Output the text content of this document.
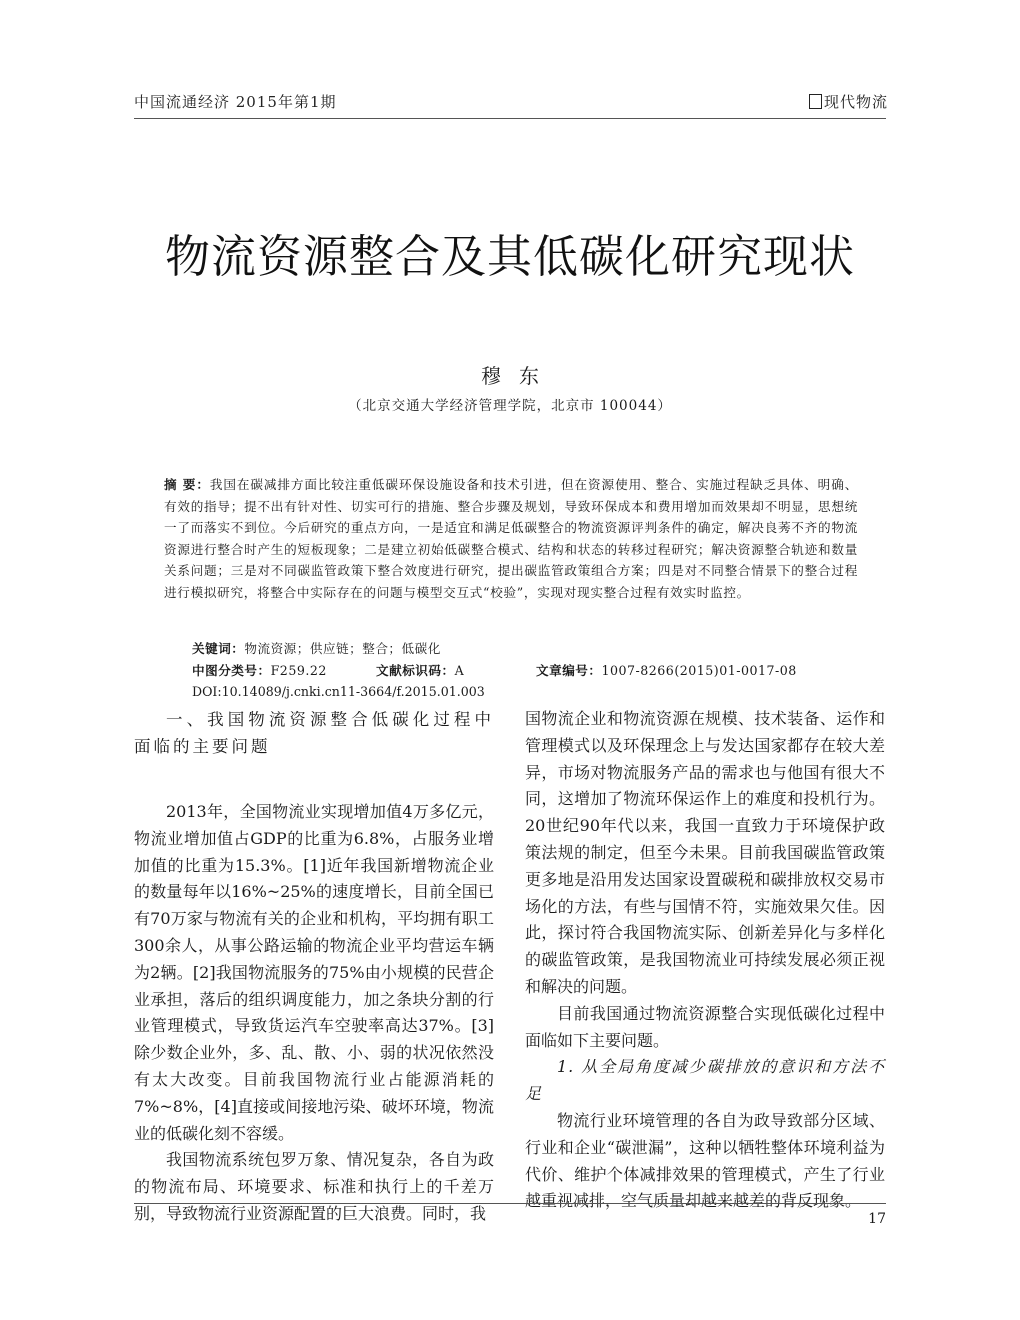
中国流通经济 2015年第1期	现代物流
物流资源整合及其低碳化研究现状
穆东
（北京交通大学经济管理学院，北京市 100044）
摘 要：我国在碳减排方面比较注重低碳环保设施设备和技术引进，但在资源使用、整合、实施过程缺乏具体、明确、有效的指导；提不出有针对性、切实可行的措施、整合步骤及规划，导致环保成本和费用增加而效果却不明显，思想统一了而落实不到位。今后研究的重点方向，一是适宜和满足低碳整合的物流资源评判条件的确定，解决良莠不齐的物流资源进行整合时产生的短板现象；二是建立初始低碳整合模式、结构和状态的转移过程研究；解决资源整合轨迹和数量关系问题；三是对不同碳监管政策下整合效度进行研究，提出碳监管政策组合方案；四是对不同整合情景下的整合过程进行模拟研究，将整合中实际存在的问题与模型交互式“校验”，实现对现实整合过程有效实时监控。
关键词：物流资源；供应链；整合；低碳化
中图分类号：F259.22	文献标识码：A	文章编号：1007-8266(2015)01-0017-08
DOI:10.14089/j.cnki.cn11-3664/f.2015.01.003
一、我国物流资源整合低碳化过程中面临的主要问题

2013年，全国物流业实现增加值4万多亿元，物流业增加值占GDP的比重为6.8%，占服务业增加值的比重为15.3%。[1]近年我国新增物流企业的数量每年以16%~25%的速度增长，目前全国已有70万家与物流有关的企业和机构，平均拥有职工300余人，从事公路运输的物流企业平均营运车辆为2辆。[2]我国物流服务的75%由小规模的民营企业承担，落后的组织调度能力，加之条块分割的行业管理模式，导致货运汽车空驶率高达37%。[3]除少数企业外，多、乱、散、小、弱的状况依然没有太大改变。目前我国物流行业占能源消耗的7%~8%，[4]直接或间接地污染、破坏环境，物流业的低碳化刻不容缓。

我国物流系统包罗万象、情况复杂，各自为政的物流布局、环境要求、标准和执行上的千差万别，导致物流行业资源配置的巨大浪费。同时，我

国物流企业和物流资源在规模、技术装备、运作和管理模式以及环保理念上与发达国家都存在较大差异，市场对物流服务产品的需求也与他国有很大不同，这增加了物流环保运作上的难度和投机行为。20世纪90年代以来，我国一直致力于环境保护政策法规的制定，但至今未果。目前我国碳监管政策更多地是沿用发达国家设置碳税和碳排放权交易市场化的方法，有些与国情不符，实施效果欠佳。因此，探讨符合我国物流实际、创新差异化与多样化的碳监管政策，是我国物流业可持续发展必须正视和解决的问题。

目前我国通过物流资源整合实现低碳化过程中面临如下主要问题。

1. 从全局角度减少碳排放的意识和方法不足

物流行业环境管理的各自为政导致部分区域、行业和企业“碳泄漏”，这种以牺牲整体环境利益为代价、维护个体减排效果的管理模式，产生了行业越重视减排，空气质量却越来越差的背反现象。

17
